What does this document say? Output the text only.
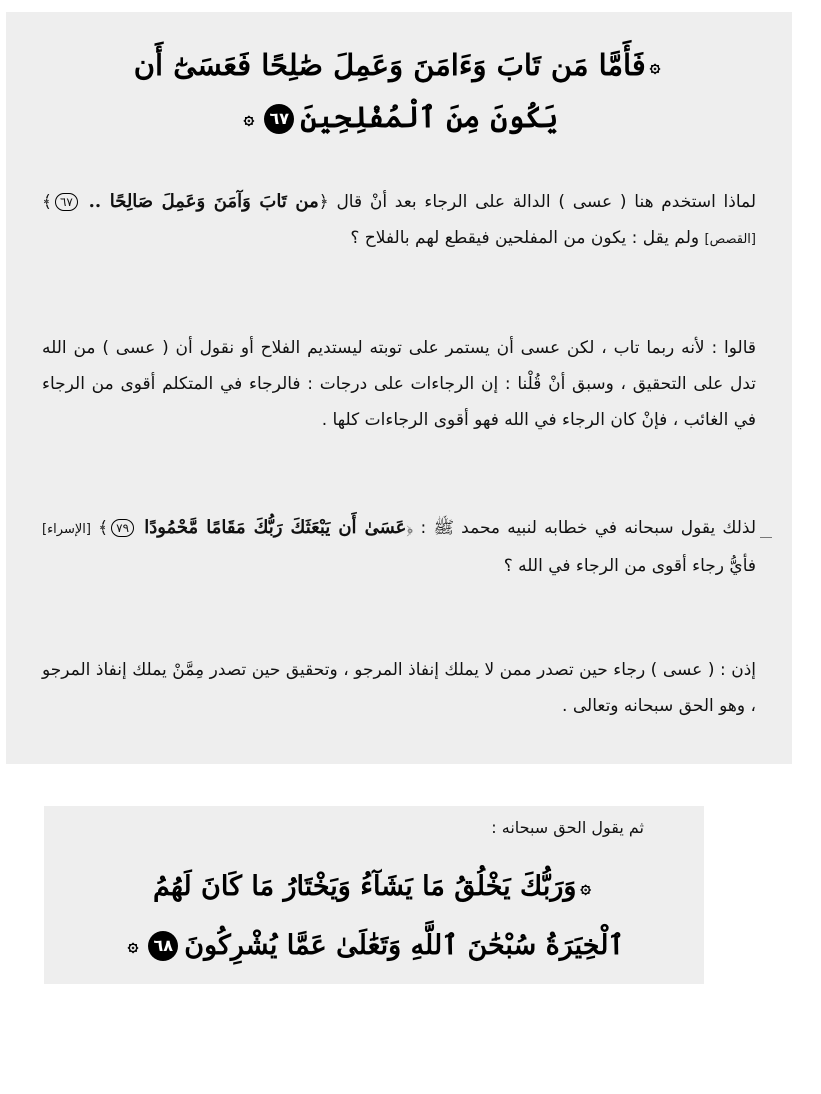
۞فَأَمَّا مَن تَابَ وَءَامَنَ وَعَمِلَ صَٰلِحًا فَعَسَىٰٓ أَن
يَكُونَ مِنَ ٱلْمُفْلِحِينَ٦٧۞

لماذا استخدم هنا ( عسى ) الدالة على الرجاء بعد أنْ قال ﴿من تَابَ وَآمَنَ وَعَمِلَ صَالِحًا .. ٦٧﴾ [القصص] ولم يقل : يكون من المفلحين فيقطع لهم بالفلاح ؟

قالوا : لأنه ربما تاب ، لكن عسى أن يستمر على توبته ليستديم الفلاح أو نقول أن ( عسى ) من الله تدل على التحقيق ، وسبق أنْ قُلْنا : إن الرجاءات على درجات : فالرجاء في المتكلم أقوى من الرجاء في الغائب ، فإنْ كان الرجاء في الله فهو أقوى الرجاءات كلها .

لذلك يقول سبحانه في خطابه لنبيه محمد ﷺ : ﴿عَسَىٰ أَن يَبْعَثَكَ رَبُّكَ مَقَامًا مَّحْمُودًا ٧٩﴾ [الإسراء] فأيُّ رجاء أقوى من الرجاء في الله ؟

إذن : ( عسى ) رجاء حين تصدر ممن لا يملك إنفاذ المرجو ، وتحقيق حين تصدر مِمَّنْ يملك إنفاذ المرجو ، وهو الحق سبحانه وتعالى .

ثم يقول الحق سبحانه :
۞وَرَبُّكَ يَخْلُقُ مَا يَشَآءُ وَيَخْتَارُ مَا كَانَ لَهُمُ
ٱلْخِيَرَةُ سُبْحَٰنَ ٱللَّهِ وَتَعَٰلَىٰ عَمَّا يُشْرِكُونَ٦٨۞
